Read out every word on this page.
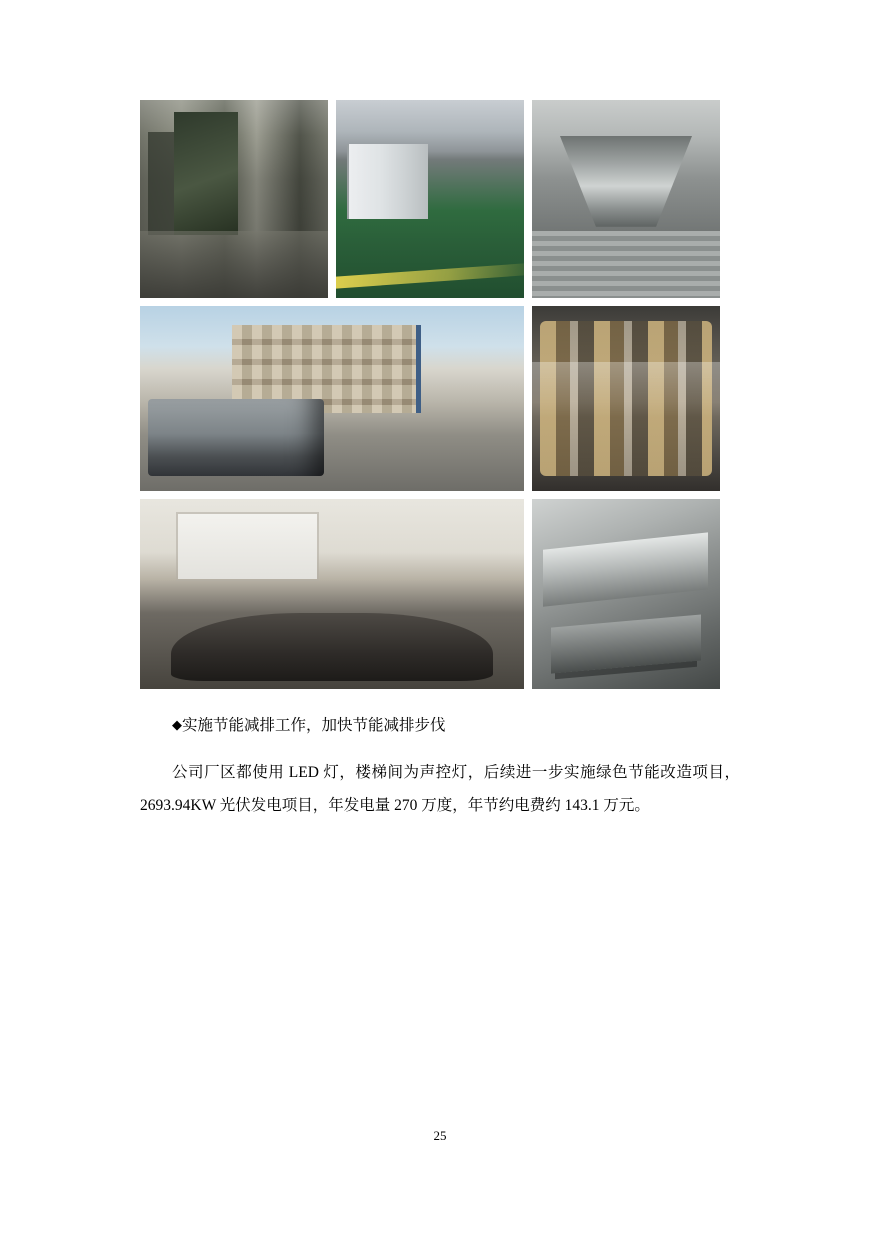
◆实施节能减排工作，加快节能减排步伐

公司厂区都使用 LED 灯，楼梯间为声控灯，后续进一步实施绿色节能改造项目，2693.94KW 光伏发电项目，年发电量 270 万度，年节约电费约 143.1 万元。

25
